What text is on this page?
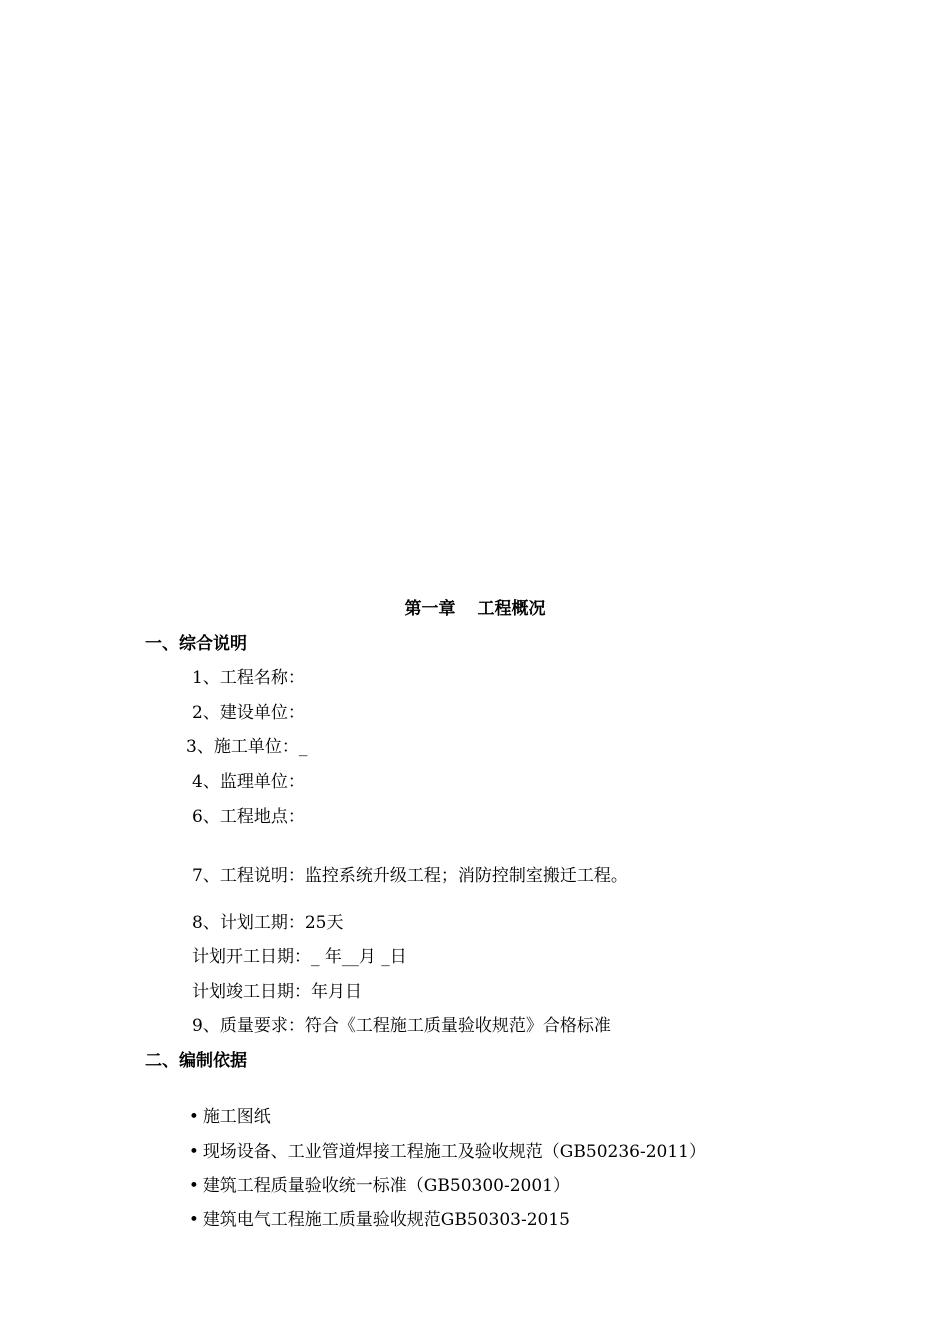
第一章 工程概况
一、综合说明
1、工程名称：
2、建设单位：
3、施工单位：_
4、监理单位：
6、工程地点：
7、工程说明：监控系统升级工程；消防控制室搬迁工程。
8、计划工期：25天
计划开工日期：_ 年__月 _日
计划竣工日期：年月日
9、质量要求：符合《工程施工质量验收规范》合格标准
二、编制依据

• 施工图纸

• 现场设备、工业管道焊接工程施工及验收规范（GB50236-2011）

• 建筑工程质量验收统一标准（GB50300-2001）

• 建筑电气工程施工质量验收规范GB50303-2015
